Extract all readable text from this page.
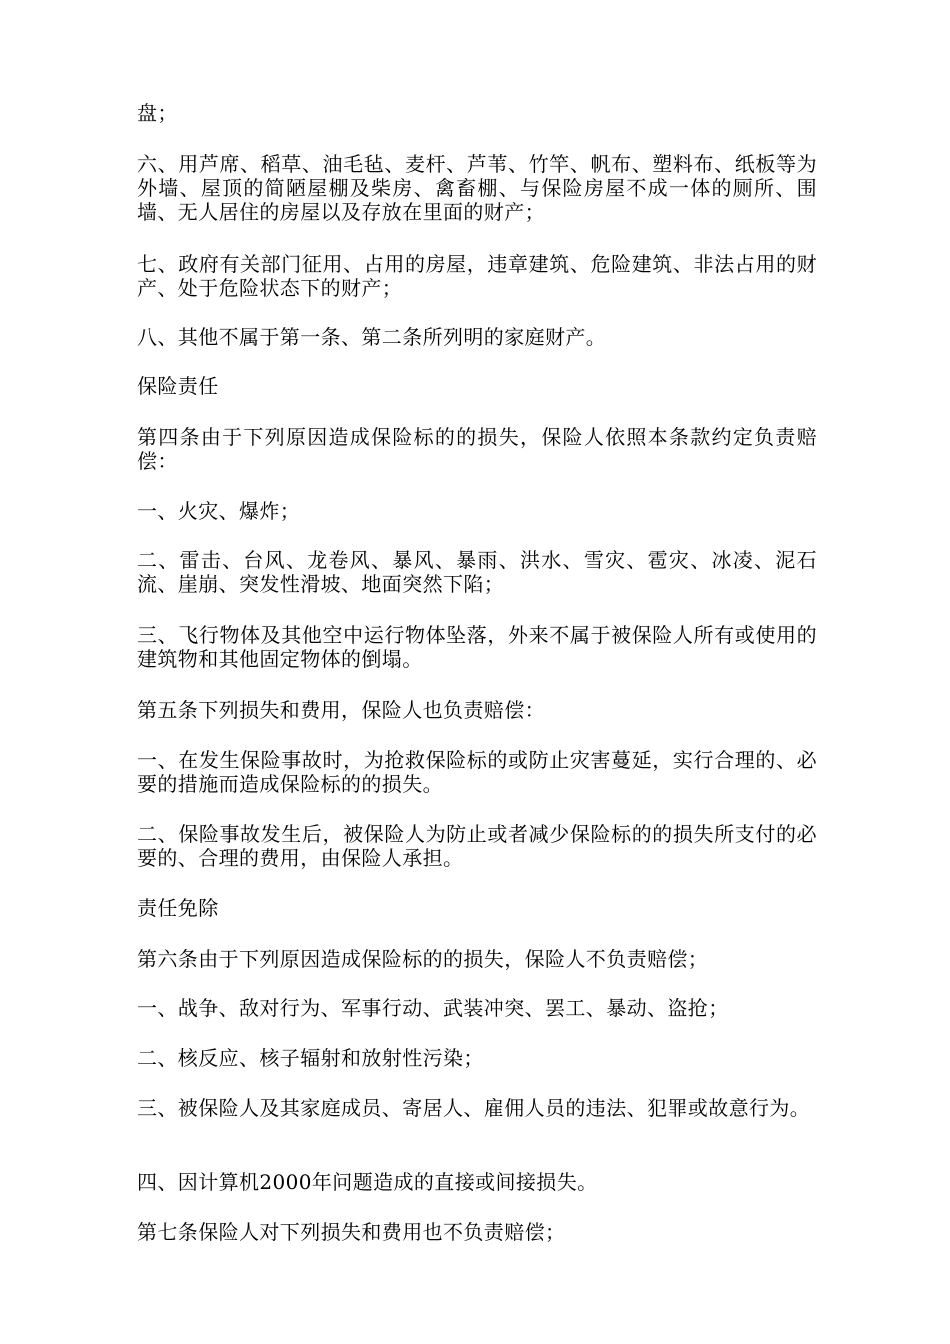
盘；

六、用芦席、稻草、油毛毡、麦杆、芦苇、竹竿、帆布、塑料布、纸板等为外墙、屋顶的简陋屋棚及柴房、禽畜棚、与保险房屋不成一体的厕所、围墙、无人居住的房屋以及存放在里面的财产；

七、政府有关部门征用、占用的房屋，违章建筑、危险建筑、非法占用的财产、处于危险状态下的财产；

八、其他不属于第一条、第二条所列明的家庭财产。

保险责任

第四条由于下列原因造成保险标的的损失，保险人依照本条款约定负责赔偿：

一、火灾、爆炸；

二、雷击、台风、龙卷风、暴风、暴雨、洪水、雪灾、雹灾、冰凌、泥石流、崖崩、突发性滑坡、地面突然下陷；

三、飞行物体及其他空中运行物体坠落，外来不属于被保险人所有或使用的建筑物和其他固定物体的倒塌。

第五条下列损失和费用，保险人也负责赔偿：

一、在发生保险事故时，为抢救保险标的或防止灾害蔓延，实行合理的、必要的措施而造成保险标的的损失。

二、保险事故发生后，被保险人为防止或者减少保险标的的损失所支付的必要的、合理的费用，由保险人承担。

责任免除

第六条由于下列原因造成保险标的的损失，保险人不负责赔偿；

一、战争、敌对行为、军事行动、武装冲突、罢工、暴动、盗抢；

二、核反应、核子辐射和放射性污染；

三、被保险人及其家庭成员、寄居人、雇佣人员的违法、犯罪或故意行为。

四、因计算机2000年问题造成的直接或间接损失。

第七条保险人对下列损失和费用也不负责赔偿；
